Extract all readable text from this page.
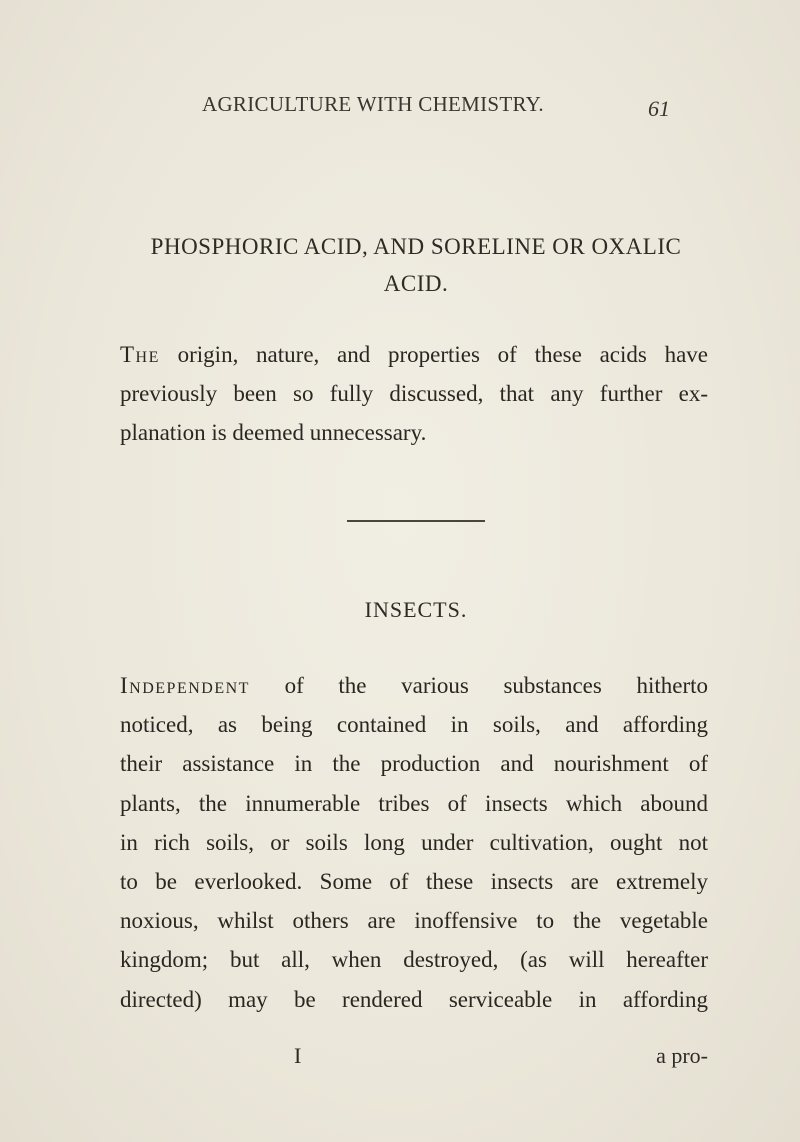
AGRICULTURE WITH CHEMISTRY.	61
PHOSPHORIC ACID, AND SORELINE OR OXALIC
ACID.
The origin, nature, and properties of these acids have
previously been so fully discussed, that any further ex-
planation is deemed unnecessary.
INSECTS.
Independent of the various substances hitherto
noticed, as being contained in soils, and affording
their assistance in the production and nourishment of
plants, the innumerable tribes of insects which abound
in rich soils, or soils long under cultivation, ought not
to be everlooked. Some of these insects are extremely
noxious, whilst others are inoffensive to the vegetable
kingdom; but all, when destroyed, (as will hereafter
directed) may be rendered serviceable in affording
I	a pro-
